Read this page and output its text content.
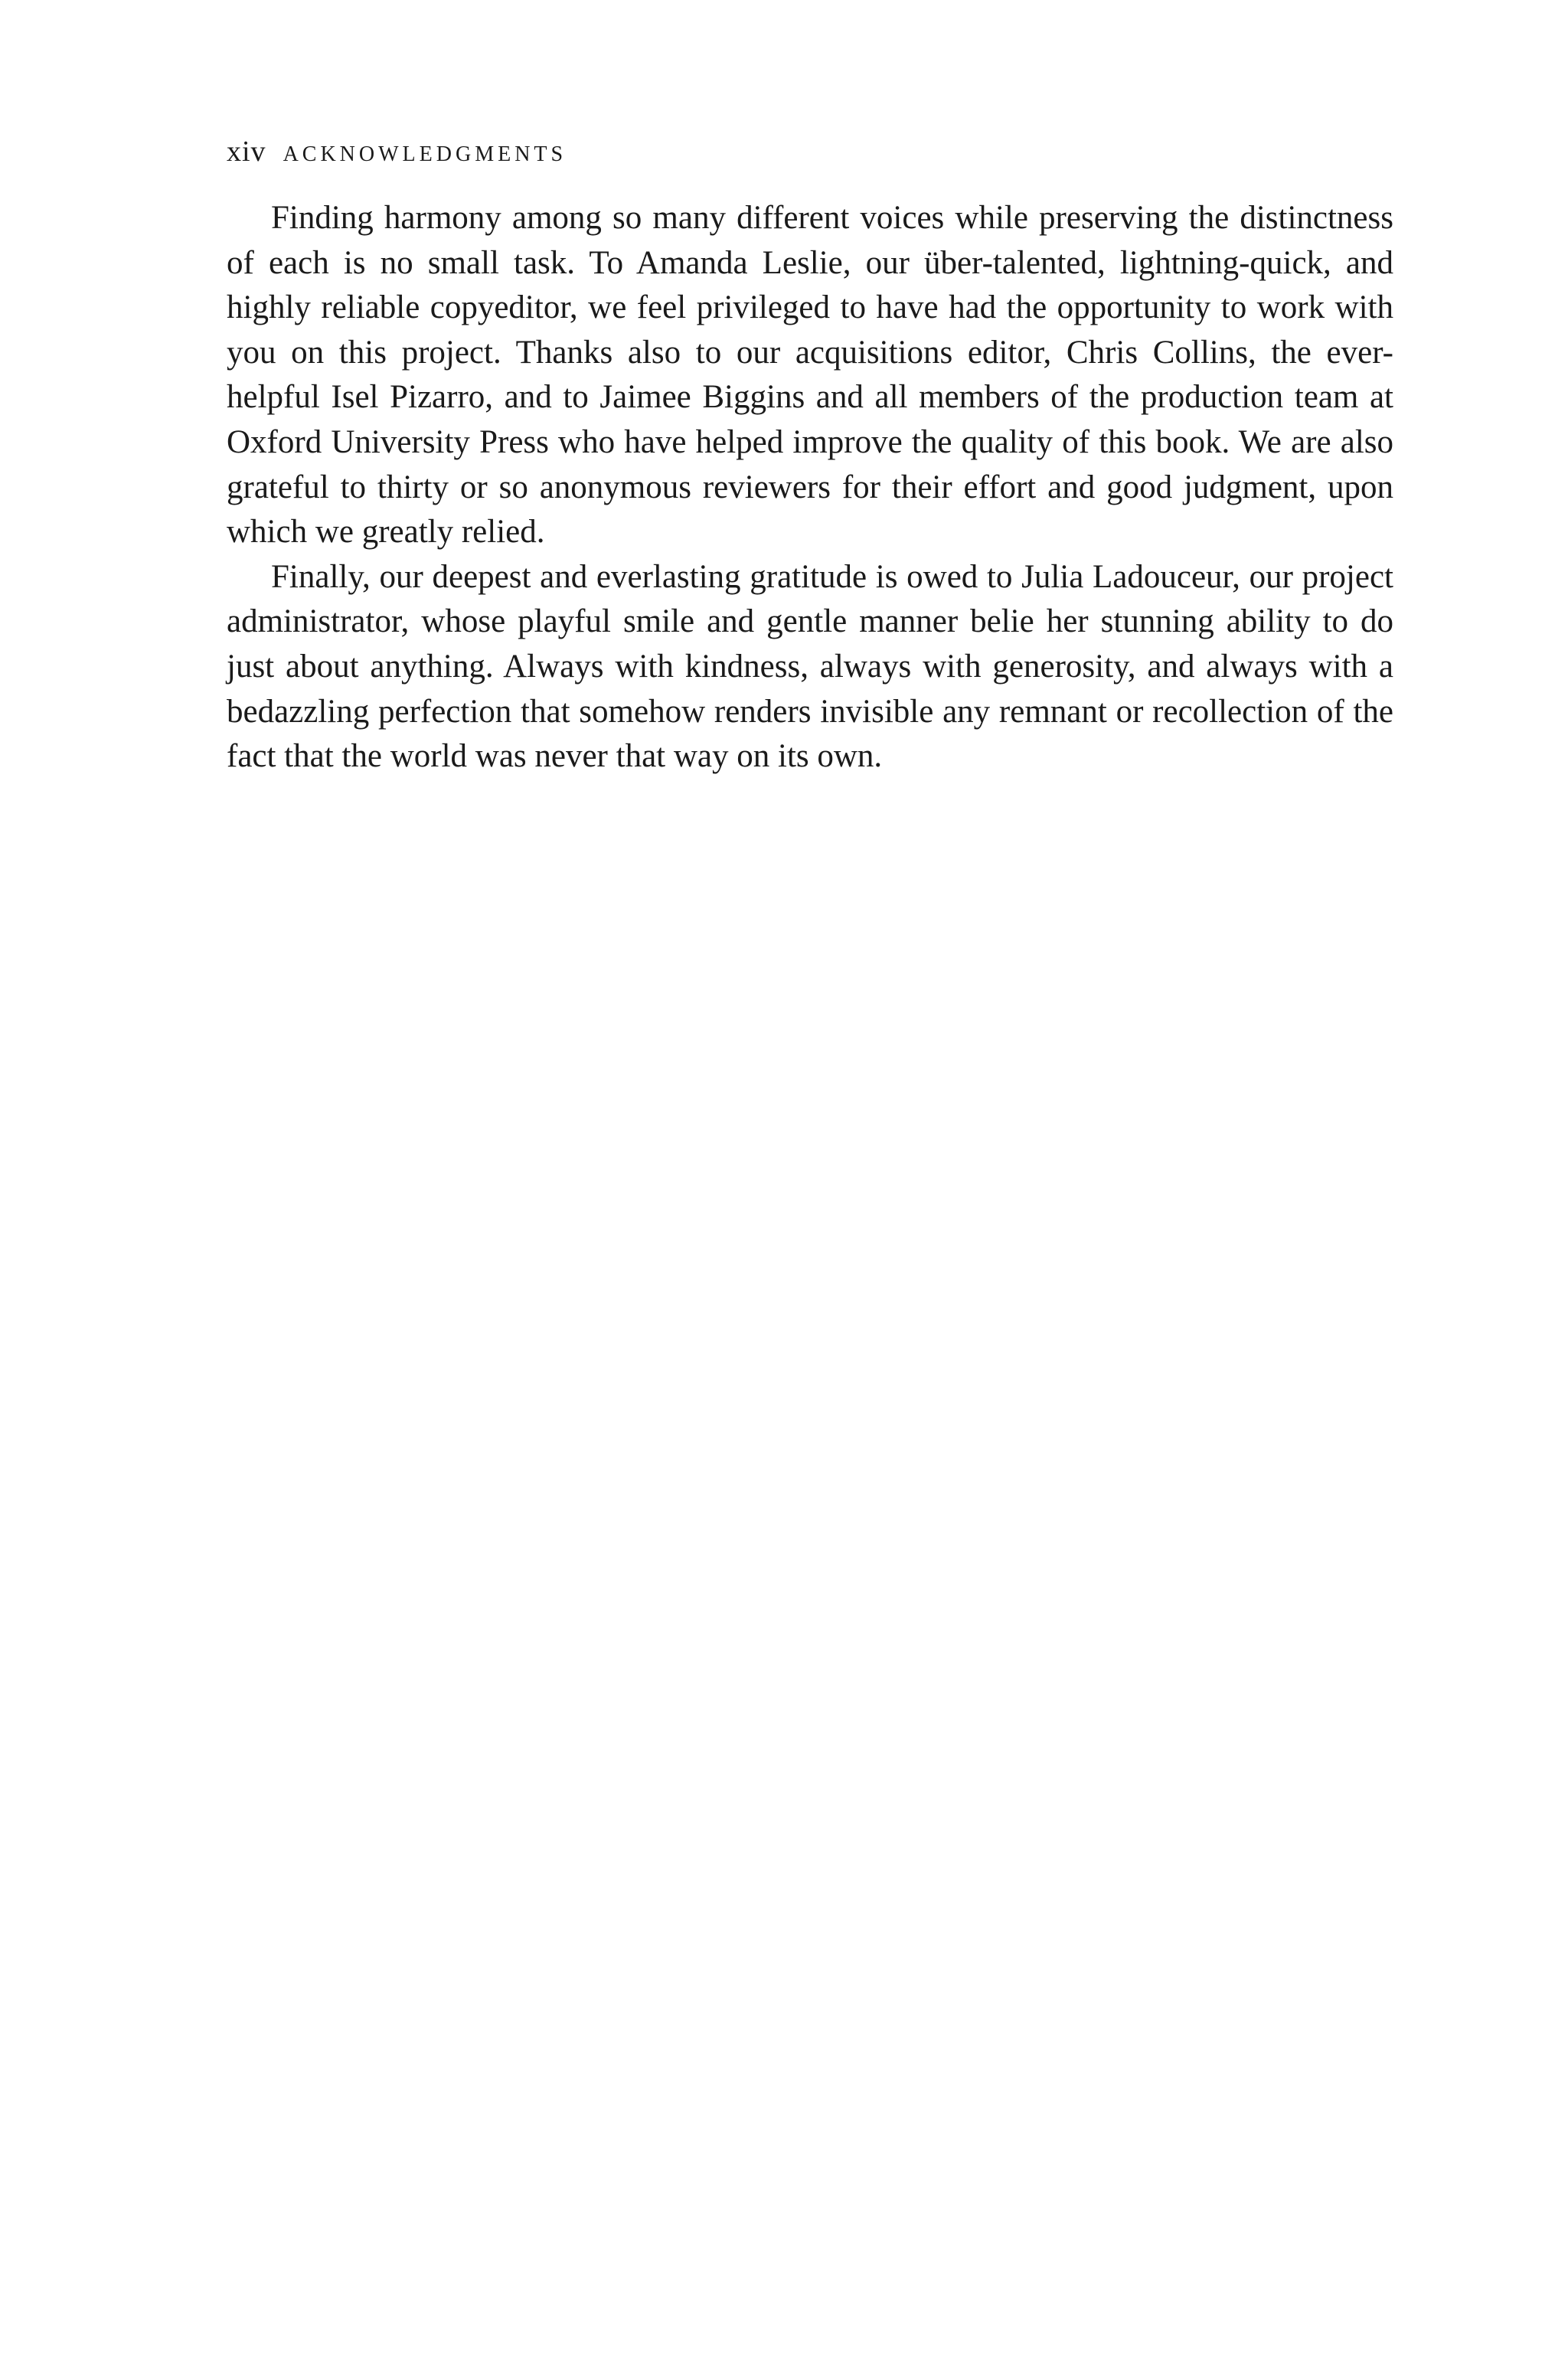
xiv ACKNOWLEDGMENTS

Finding harmony among so many different voices while preserving the distinctness of each is no small task. To Amanda Leslie, our über-talented, lightning-quick, and highly reliable copyeditor, we feel privileged to have had the opportunity to work with you on this project. Thanks also to our acquisitions editor, Chris Collins, the ever-helpful Isel Pizarro, and to Jaimee Biggins and all members of the production team at Oxford University Press who have helped improve the quality of this book. We are also grateful to thirty or so anonymous reviewers for their effort and good judgment, upon which we greatly relied.

Finally, our deepest and everlasting gratitude is owed to Julia Ladouceur, our project administrator, whose playful smile and gentle manner belie her stunning ability to do just about anything. Always with kindness, always with generosity, and always with a bedazzling perfection that somehow renders invisible any remnant or recollection of the fact that the world was never that way on its own.
